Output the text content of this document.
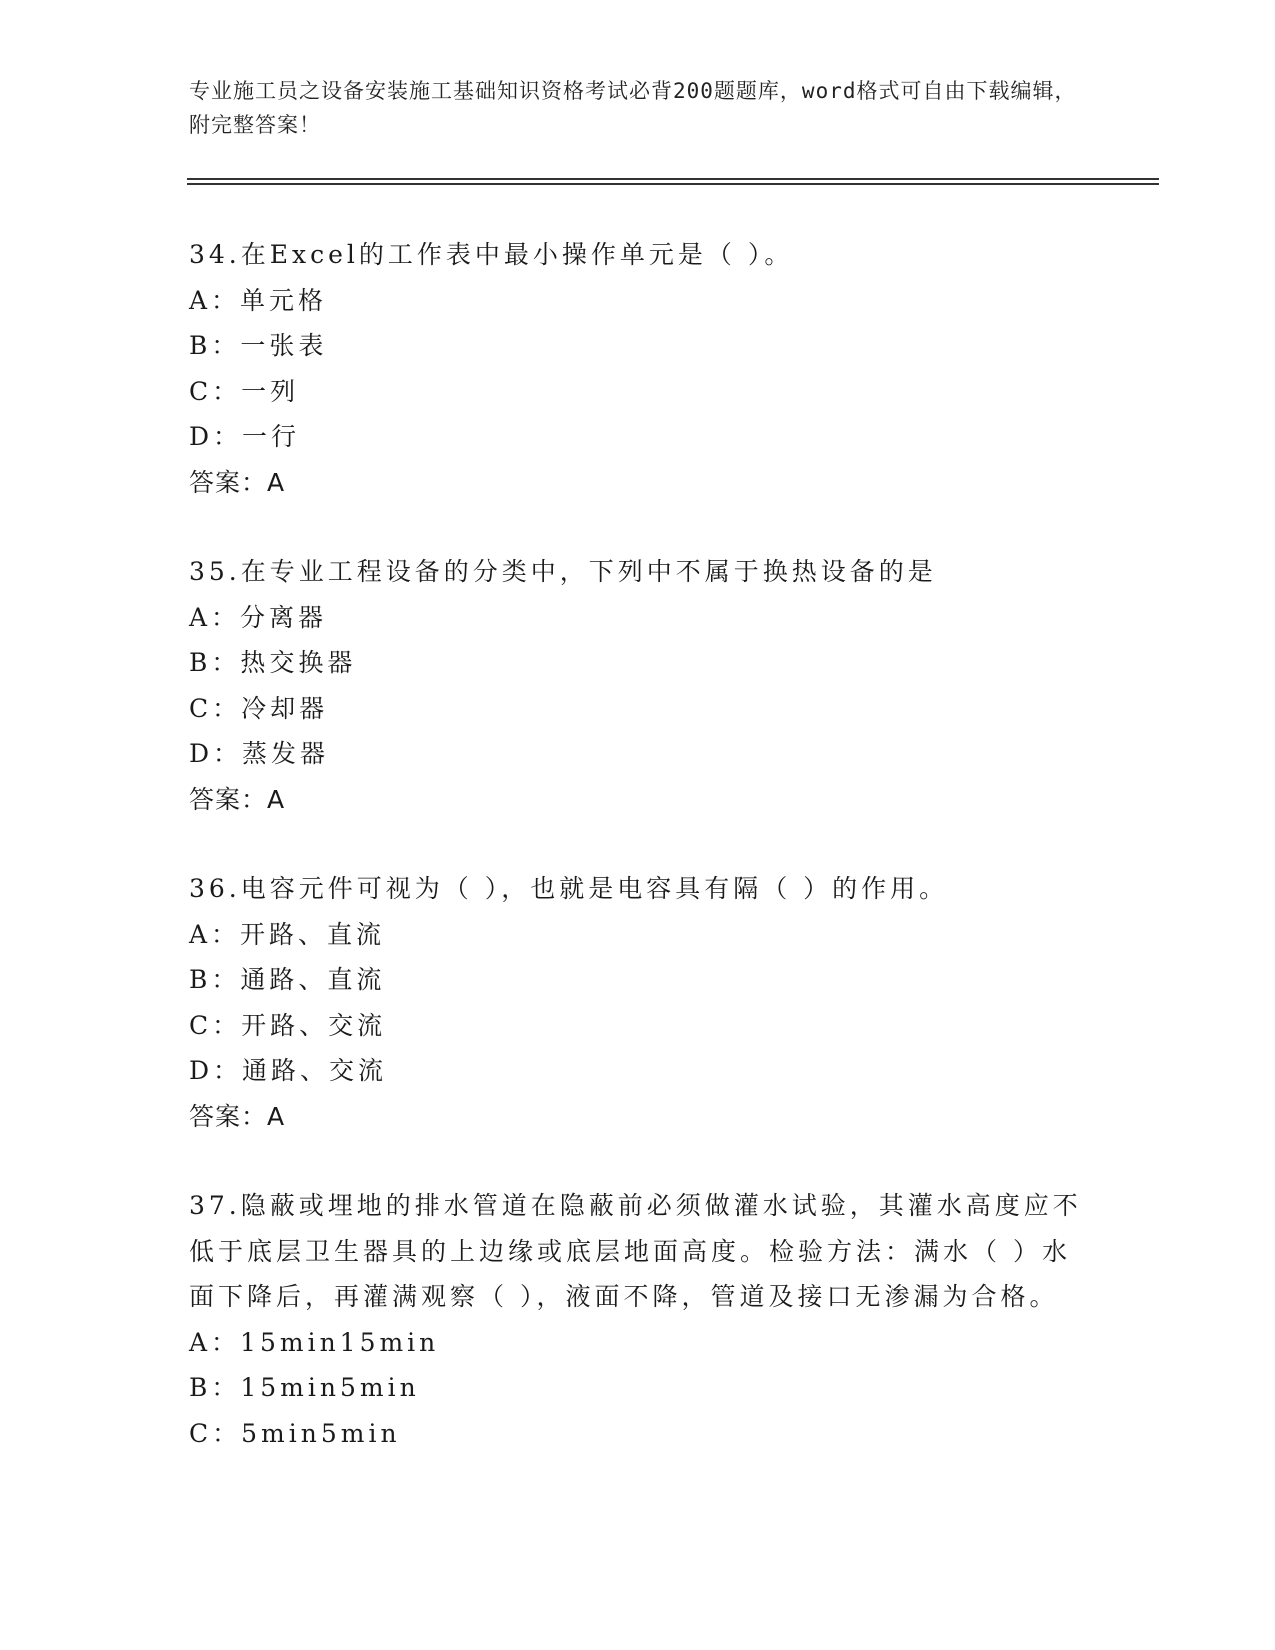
专业施工员之设备安装施工基础知识资格考试必背200题题库，word格式可自由下载编辑，附完整答案！

34.在Excel的工作表中最小操作单元是（ ）。

A：单元格

B：一张表

C：一列

D：一行

答案：A

35.在专业工程设备的分类中，下列中不属于换热设备的是

A：分离器

B：热交换器

C：冷却器

D：蒸发器

答案：A

36.电容元件可视为（ ），也就是电容具有隔（ ）的作用。

A：开路、直流

B：通路、直流

C：开路、交流

D：通路、交流

答案：A

37.隐蔽或埋地的排水管道在隐蔽前必须做灌水试验，其灌水高度应不低于底层卫生器具的上边缘或底层地面高度。检验方法：满水（ ）水面下降后，再灌满观察（ ），液面不降，管道及接口无渗漏为合格。

A：15min15min

B：15min5min

C：5min5min
